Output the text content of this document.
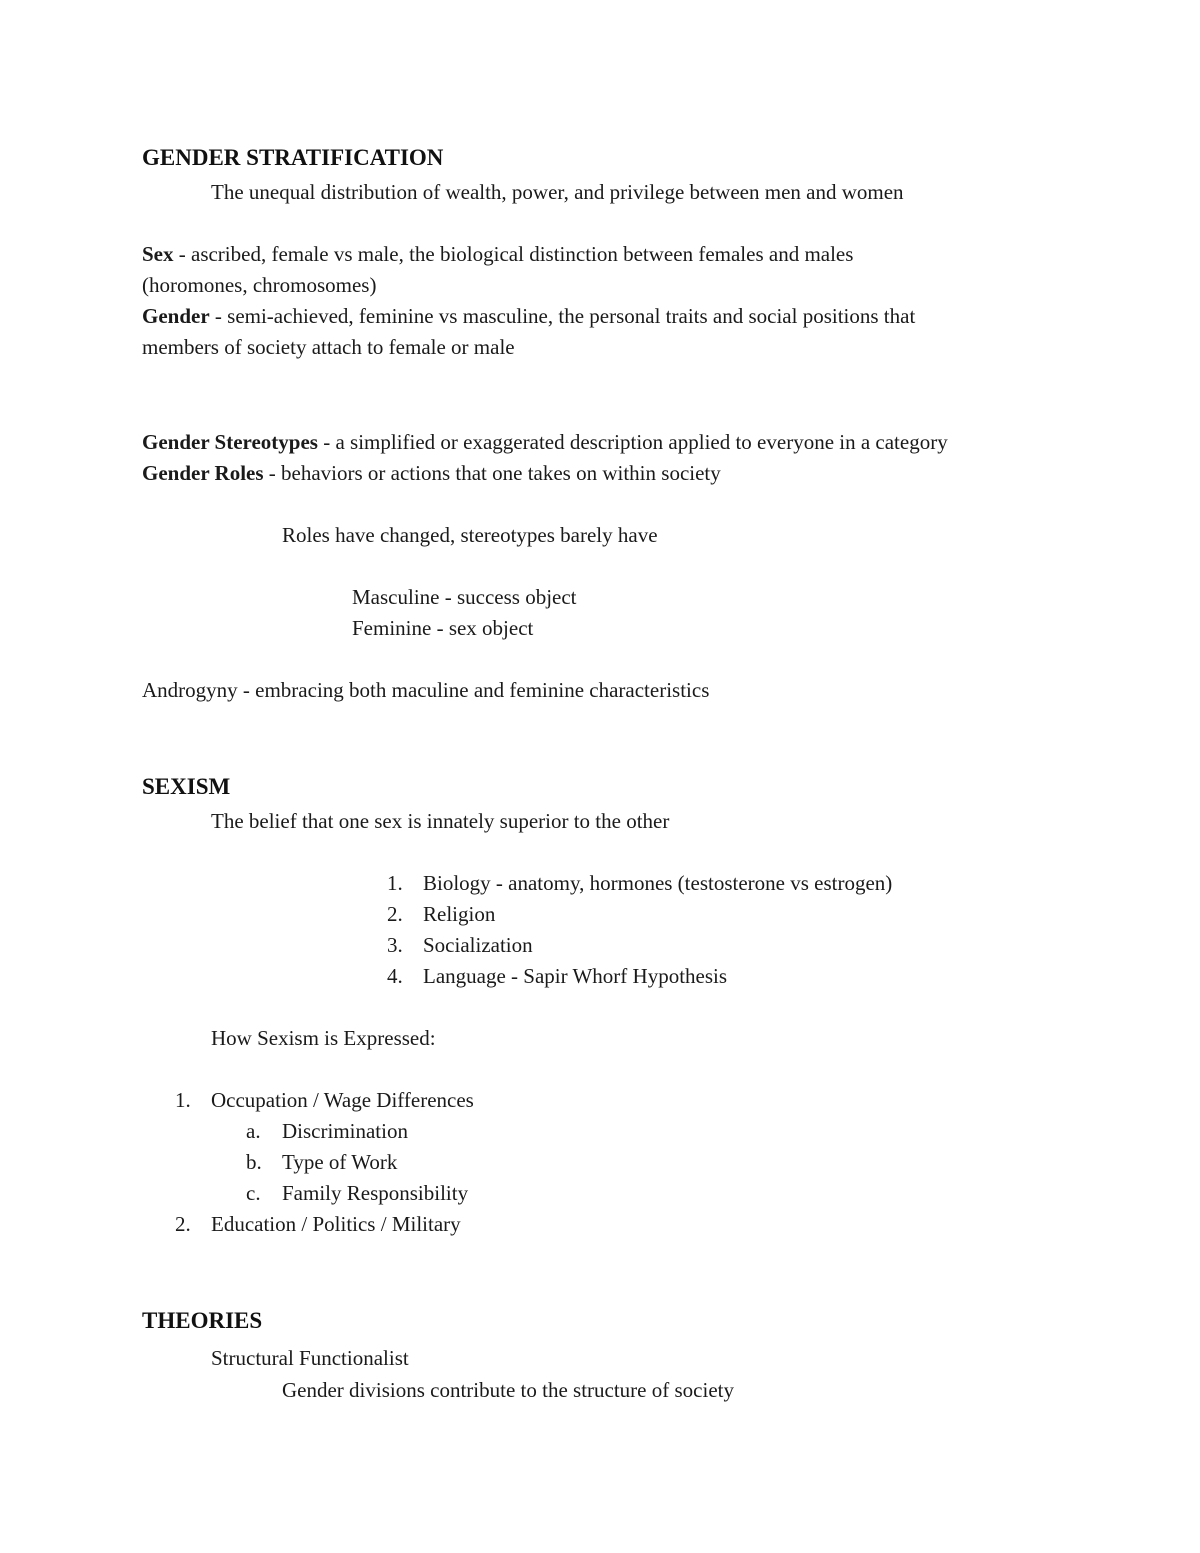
GENDER STRATIFICATION
The unequal distribution of wealth, power, and privilege between men and women
Sex - ascribed, female vs male, the biological distinction between females and males
(horomones, chromosomes)
Gender - semi-achieved, feminine vs masculine, the personal traits and social positions that
members of society attach to female or male
Gender Stereotypes - a simplified or exaggerated description applied to everyone in a category
Gender Roles - behaviors or actions that one takes on within society
Roles have changed, stereotypes barely have
Masculine - success object
Feminine - sex object
Androgyny - embracing both maculine and feminine characteristics
SEXISM
The belief that one sex is innately superior to the other
1. Biology - anatomy, hormones (testosterone vs estrogen)
2. Religion
3. Socialization
4. Language - Sapir Whorf Hypothesis
How Sexism is Expressed:
1. Occupation / Wage Differences
a. Discrimination
b. Type of Work
c. Family Responsibility
2. Education / Politics / Military
THEORIES
Structural Functionalist
Gender divisions contribute to the structure of society
